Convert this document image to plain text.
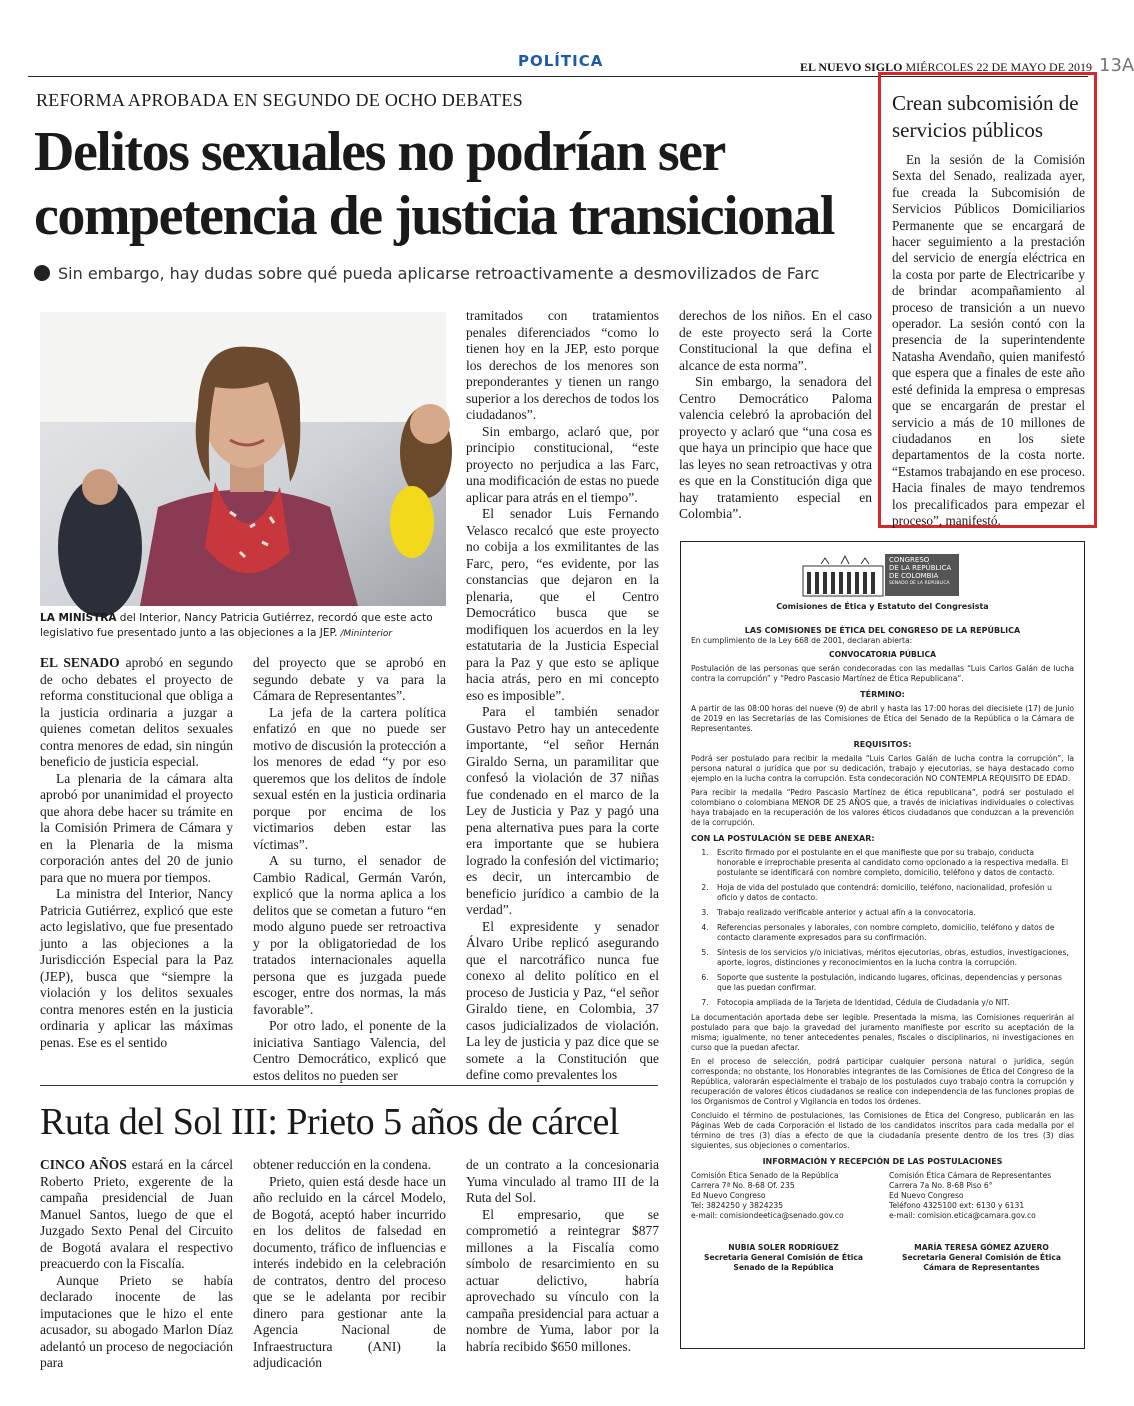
POLÍTICA	EL NUEVO SIGLO MIÉRCOLES 22 DE MAYO DE 2019 13A
REFORMA APROBADA EN SEGUNDO DE OCHO DEBATES
Delitos sexuales no podrían ser competencia de justicia transicional
Sin embargo, hay dudas sobre qué pueda aplicarse retroactivamente a desmovilizados de Farc
LA MINISTRA del Interior, Nancy Patricia Gutiérrez, recordó que este acto legislativo fue presentado junto a las objeciones a la JEP. /Mininterior

EL SENADO aprobó en segundo de ocho debates el proyecto de reforma constitucional que obliga a la justicia ordinaria a juzgar a quienes cometan delitos sexuales contra menores de edad, sin ningún beneficio de justicia especial.

La plenaria de la cámara alta aprobó por unanimidad el proyecto que ahora debe hacer su trámite en la Comisión Primera de Cámara y en la Plenaria de la misma corporación antes del 20 de junio para que no muera por tiempos.

La ministra del Interior, Nancy Patricia Gutiérrez, explicó que este acto legislativo, que fue presentado junto a las objeciones a la Jurisdicción Especial para la Paz (JEP), busca que “siempre la violación y los delitos sexuales contra menores estén en la justicia ordinaria y aplicar las máximas penas. Ese es el sentido

del proyecto que se aprobó en segundo debate y va para la Cámara de Representantes”.

La jefa de la cartera política enfatizó en que no puede ser motivo de discusión la protección a los menores de edad “y por eso queremos que los delitos de índole sexual estén en la justicia ordinaria porque por encima de los victimarios deben estar las víctimas”.

A su turno, el senador de Cambio Radical, Germán Varón, explicó que la norma aplica a los delitos que se cometan a futuro “en modo alguno puede ser retroactiva y por la obligatoriedad de los tratados internacionales aquella persona que es juzgada puede escoger, entre dos normas, la más favorable”.

Por otro lado, el ponente de la iniciativa Santiago Valencia, del Centro Democrático, explicó que estos delitos no pueden ser

tramitados con tratamientos penales diferenciados “como lo tienen hoy en la JEP, esto porque los derechos de los menores son preponderantes y tienen un rango superior a los derechos de todos los ciudadanos”.

Sin embargo, aclaró que, por principio constitucional, “este proyecto no perjudica a las Farc, una modificación de estas no puede aplicar para atrás en el tiempo”.

El senador Luis Fernando Velasco recalcó que este proyecto no cobija a los exmilitantes de las Farc, pero, “es evidente, por las constancias que dejaron en la plenaria, que el Centro Democrático busca que se modifiquen los acuerdos en la ley estatutaria de la Justicia Especial para la Paz y que esto se aplique hacia atrás, pero en mi concepto eso es imposible”.

Para el también senador Gustavo Petro hay un antecedente importante, “el señor Hernán Giraldo Serna, un paramilitar que confesó la violación de 37 niñas fue condenado en el marco de la Ley de Justicia y Paz y pagó una pena alternativa pues para la corte era importante que se hubiera logrado la confesión del victimario; es decir, un intercambio de beneficio jurídico a cambio de la verdad”.

El expresidente y senador Álvaro Uribe replicó asegurando que el narcotráfico nunca fue conexo al delito político en el proceso de Justicia y Paz, “el señor Giraldo tiene, en Colombia, 37 casos judicializados de violación. La ley de justicia y paz dice que se somete a la Constitución que define como prevalentes los

derechos de los niños. En el caso de este proyecto será la Corte Constitucional la que defina el alcance de esta norma”.

Sin embargo, la senadora del Centro Democrático Paloma valencia celebró la aprobación del proyecto y aclaró que “una cosa es que haya un principio que hace que las leyes no sean retroactivas y otra es que en la Constitución diga que hay tratamiento especial en Colombia”.

Crean subcomisión de servicios públicos

En la sesión de la Comisión Sexta del Senado, realizada ayer, fue creada la Subcomisión de Servicios Públicos Domiciliarios Permanente que se encargará de hacer seguimiento a la prestación del servicio de energía eléctrica en la costa por parte de Electricaribe y de brindar acompañamiento al proceso de transición a un nuevo operador. La sesión contó con la presencia de la superintendente Natasha Avendaño, quien manifestó que espera que a finales de este año esté definida la empresa o empresas que se encargarán de prestar el servicio a más de 10 millones de ciudadanos en los siete departamentos de la costa norte. “Estamos trabajando en ese proceso. Hacia finales de mayo tendremos los precalificados para empezar el proceso”, manifestó.

Ruta del Sol III: Prieto 5 años de cárcel

CINCO AÑOS estará en la cárcel Roberto Prieto, exgerente de la campaña presidencial de Juan Manuel Santos, luego de que el Juzgado Sexto Penal del Circuito de Bogotá avalara el respectivo preacuerdo con la Fiscalía.

Aunque Prieto se había declarado inocente de las imputaciones que le hizo el ente acusador, su abogado Marlon Díaz adelantó un proceso de negociación para

obtener reducción en la condena.

Prieto, quien está desde hace un año recluido en la cárcel Modelo, de Bogotá, aceptó haber incurrido en los delitos de falsedad en documento, tráfico de influencias e interés indebido en la celebración de contratos, dentro del proceso que se le adelanta por recibir dinero para gestionar ante la Agencia Nacional de Infraestructura (ANI) la adjudicación

de un contrato a la concesionaria Yuma vinculado al tramo III de la Ruta del Sol.

El empresario, que se comprometió a reintegrar $877 millones a la Fiscalía como símbolo de resarcimiento en su actuar delictivo, habría aprovechado su vínculo con la campaña presidencial para actuar a nombre de Yuma, labor por la habría recibido $650 millones.

CONGRESO
DE LA REPÚBLICA
DE COLOMBIA
SENADO DE LA REPÚBLICA
Comisiones de Ética y Estatuto del Congresista
LAS COMISIONES DE ÉTICA DEL CONGRESO DE LA REPÚBLICA

En cumplimiento de la Ley 668 de 2001, declaran abierta:

CONVOCATORIA PÚBLICA

Postulación de las personas que serán condecoradas con las medallas “Luis Carlos Galán de lucha contra la corrupción” y “Pedro Pascasio Martínez de Ética Republicana”.

TÉRMINO:

A partir de las 08:00 horas del nueve (9) de abril y hasta las 17:00 horas del diecisiete (17) de Junio de 2019 en las Secretarías de las Comisiones de Ética del Senado de la República o la Cámara de Representantes.

REQUISITOS:

Podrá ser postulado para recibir la medalla “Luis Carlos Galán de lucha contra la corrupción”, la persona natural o jurídica que por su dedicación, trabajo y ejecutorias, se haya destacado como ejemplo en la lucha contra la corrupción. Esta condecoración NO CONTEMPLA REQUISITO DE EDAD.

Para recibir la medalla “Pedro Pascasio Martínez de ética republicana”, podrá ser postulado el colombiano o colombiana MENOR DE 25 AÑOS que, a través de iniciativas individuales o colectivas haya trabajado en la recuperación de los valores éticos ciudadanos que conduzcan a la prevención de la corrupción.

CON LA POSTULACIÓN SE DEBE ANEXAR:
1. Escrito firmado por el postulante en el que manifieste que por su trabajo, conducta honorable e irreprochable presenta al candidato como opcionado a la respectiva medalla. El postulante se identificará con nombre completo, domicilio, teléfono y datos de contacto.
2. Hoja de vida del postulado que contendrá: domicilio, teléfono, nacionalidad, profesión u oficio y datos de contacto.
3. Trabajo realizado verificable anterior y actual afín a la convocatoria.
4. Referencias personales y laborales, con nombre completo, domicilio, teléfono y datos de contacto claramente expresados para su confirmación.
5. Síntesis de los servicios y/o iniciativas, méritos ejecutorias, obras, estudios, investigaciones, aporte, logros, distinciones y reconocimientos en la lucha contra la corrupción.
6. Soporte que sustente la postulación, indicando lugares, oficinas, dependencias y personas que las puedan confirmar.
7. Fotocopia ampliada de la Tarjeta de Identidad, Cédula de Ciudadanía y/o NIT.

La documentación aportada debe ser legible. Presentada la misma, las Comisiones requerirán al postulado para que bajo la gravedad del juramento manifieste por escrito su aceptación de la misma; igualmente, no tener antecedentes penales, fiscales o disciplinarios, ni investigaciones en curso que la puedan afectar.

En el proceso de selección, podrá participar cualquier persona natural o jurídica, según corresponda; no obstante, los Honorables integrantes de las Comisiones de Ética del Congreso de la República, valorarán especialmente el trabajo de los postulados cuyo trabajo contra la corrupción y recuperación de valores éticos ciudadanos se realice con independencia de las funciones propias de los Organismos de Control y Vigilancia en todos los órdenes.

Concluido el término de postulaciones, las Comisiones de Ética del Congreso, publicarán en las Páginas Web de cada Corporación el listado de los candidatos inscritos para cada medalla por el término de tres (3) días a efecto de que la ciudadanía presente dentro de los tres (3) días siguientes, sus objeciones o comentarios.

INFORMACIÓN Y RECEPCIÓN DE LAS POSTULACIONES
Comisión Ética Senado de la República
Carrera 7ª No. 8-68 Of. 235
Ed Nuevo Congreso
Tel: 3824250 y 3824235
e-mail: comisiondeetica@senado.gov.co
Comisión Ética Cámara de Representantes
Carrera 7a No. 8-68 Piso 6°
Ed Nuevo Congreso
Teléfono 4325100 ext: 6130 y 6131
e-mail: comision.etica@camara.gov.co
NUBIA SOLER RODRÍGUEZ
Secretaria General Comisión de Ética
Senado de la República
MARÍA TERESA GÓMEZ AZUERO
Secretaria General Comisión de Ética
Cámara de Representantes
